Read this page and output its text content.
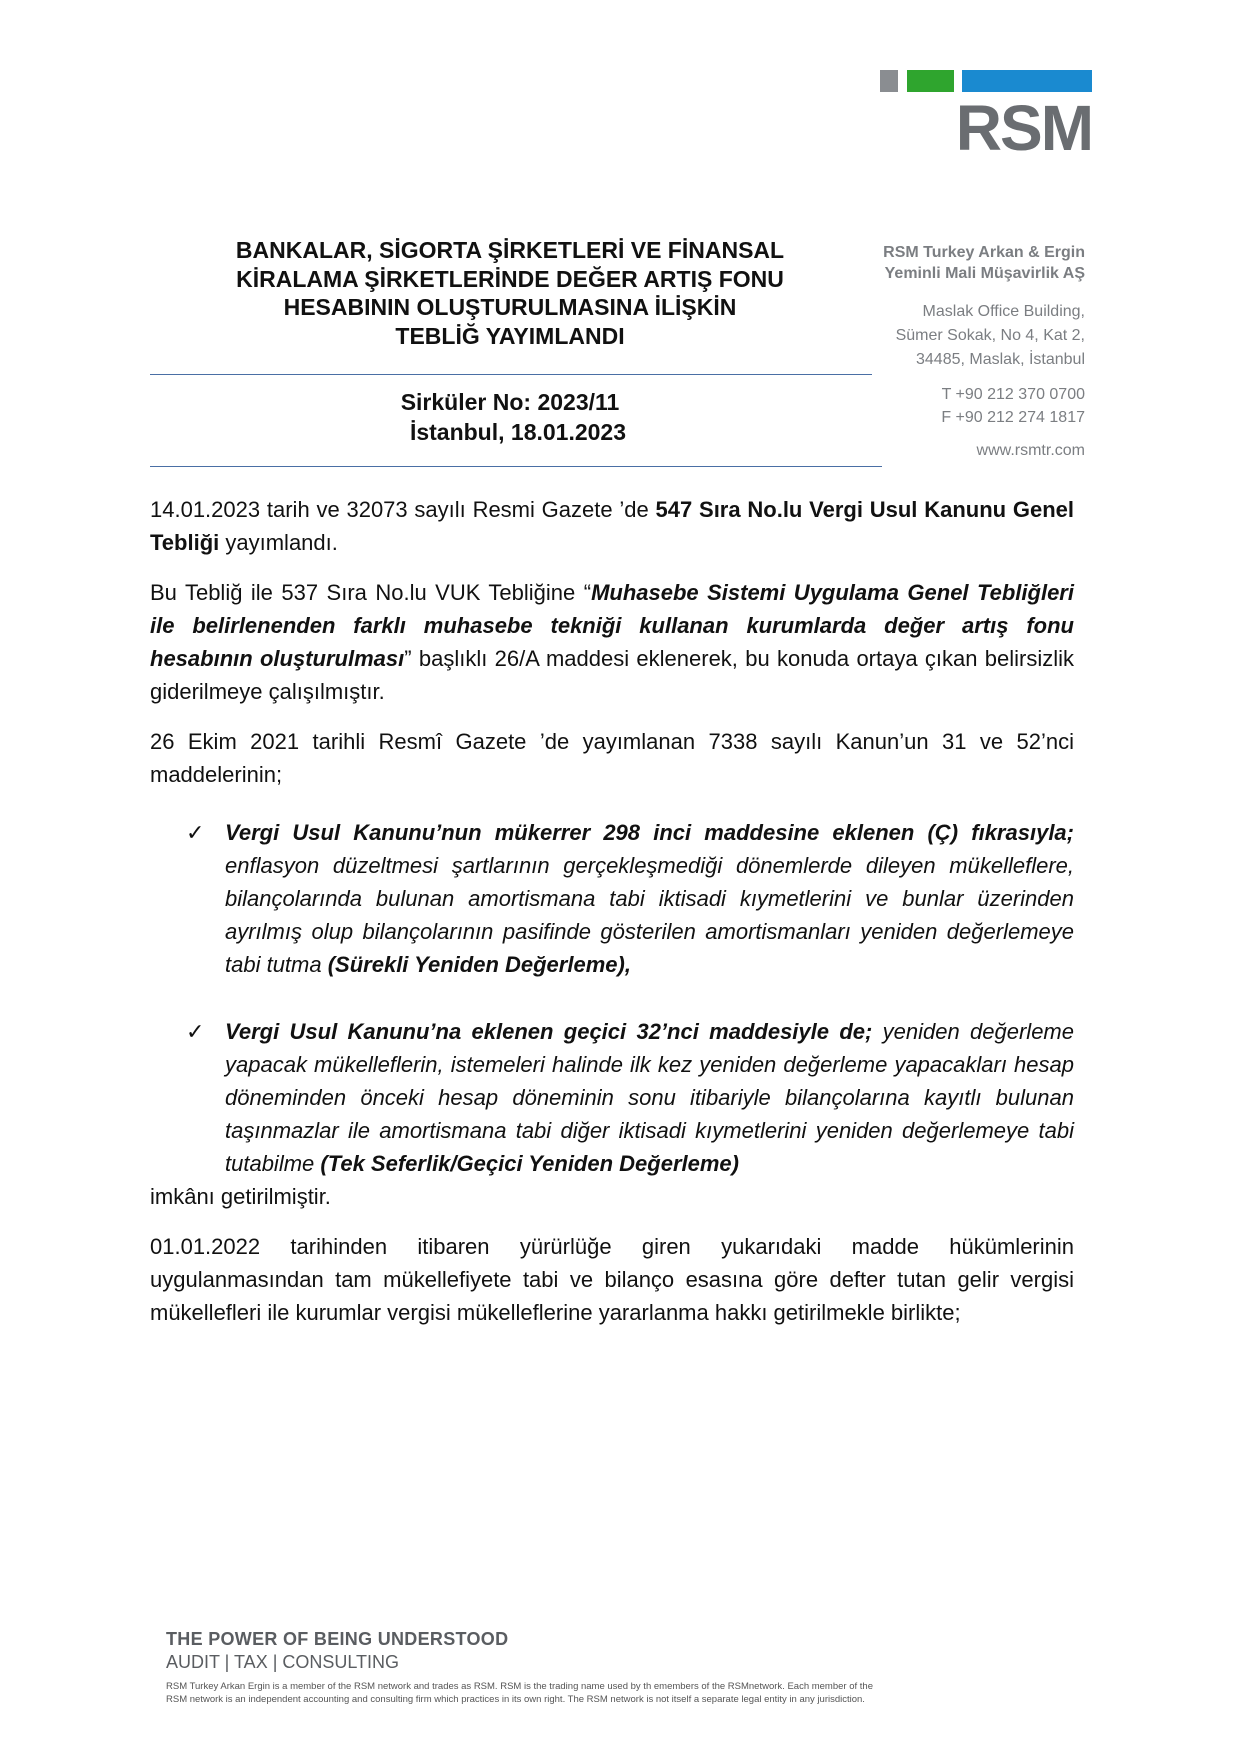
RSM
BANKALAR, SİGORTA ŞİRKETLERİ VE FİNANSAL
KİRALAMA ŞİRKETLERİNDE DEĞER ARTIŞ FONU
HESABININ OLUŞTURULMASINA İLİŞKİN
TEBLİĞ YAYIMLANDI
Sirküler No: 2023/11
İstanbul, 18.01.2023
RSM Turkey Arkan & Ergin
Yeminli Mali Müşavirlik AŞ
Maslak Office Building,
Sümer Sokak, No 4, Kat 2,
34485, Maslak, İstanbul
T +90 212 370 0700
F +90 212 274 1817
www.rsmtr.com

14.01.2023 tarih ve 32073 sayılı Resmi Gazete ’de 547 Sıra No.lu Vergi Usul Kanunu Genel Tebliği yayımlandı.

Bu Tebliğ ile 537 Sıra No.lu VUK Tebliğine “Muhasebe Sistemi Uygulama Genel Tebliğleri ile belirlenenden farklı muhasebe tekniği kullanan kurumlarda değer artış fonu hesabının oluşturulması” başlıklı 26/A maddesi eklenerek, bu konuda ortaya çıkan belirsizlik giderilmeye çalışılmıştır.

26 Ekim 2021 tarihli Resmî Gazete ’de yayımlanan 7338 sayılı Kanun’un 31 ve 52’nci maddelerinin;

✓ Vergi Usul Kanunu’nun mükerrer 298 inci maddesine eklenen (Ç) fıkrasıyla; enflasyon düzeltmesi şartlarının gerçekleşmediği dönemlerde dileyen mükelleflere, bilançolarında bulunan amortismana tabi iktisadi kıymetlerini ve bunlar üzerinden ayrılmış olup bilançolarının pasifinde gösterilen amortismanları yeniden değerlemeye tabi tutma (Sürekli Yeniden Değerleme),
✓ Vergi Usul Kanunu’na eklenen geçici 32’nci maddesiyle de; yeniden değerleme yapacak mükelleflerin, istemeleri halinde ilk kez yeniden değerleme yapacakları hesap döneminden önceki hesap döneminin sonu itibariyle bilançolarına kayıtlı bulunan taşınmazlar ile amortismana tabi diğer iktisadi kıymetlerini yeniden değerlemeye tabi tutabilme (Tek Seferlik/Geçici Yeniden Değerleme)

imkânı getirilmiştir.

01.01.2022 tarihinden itibaren yürürlüğe giren yukarıdaki madde hükümlerinin uygulanmasından tam mükellefiyete tabi ve bilanço esasına göre defter tutan gelir vergisi mükellefleri ile kurumlar vergisi mükelleflerine yararlanma hakkı getirilmekle birlikte;

THE POWER OF BEING UNDERSTOOD
AUDIT | TAX | CONSULTING
RSM Turkey Arkan Ergin is a member of the RSM network and trades as RSM. RSM is the trading name used by th emembers of the RSMnetwork. Each member of the
RSM network is an independent accounting and consulting firm which practices in its own right. The RSM network is not itself a separate legal entity in any jurisdiction.
